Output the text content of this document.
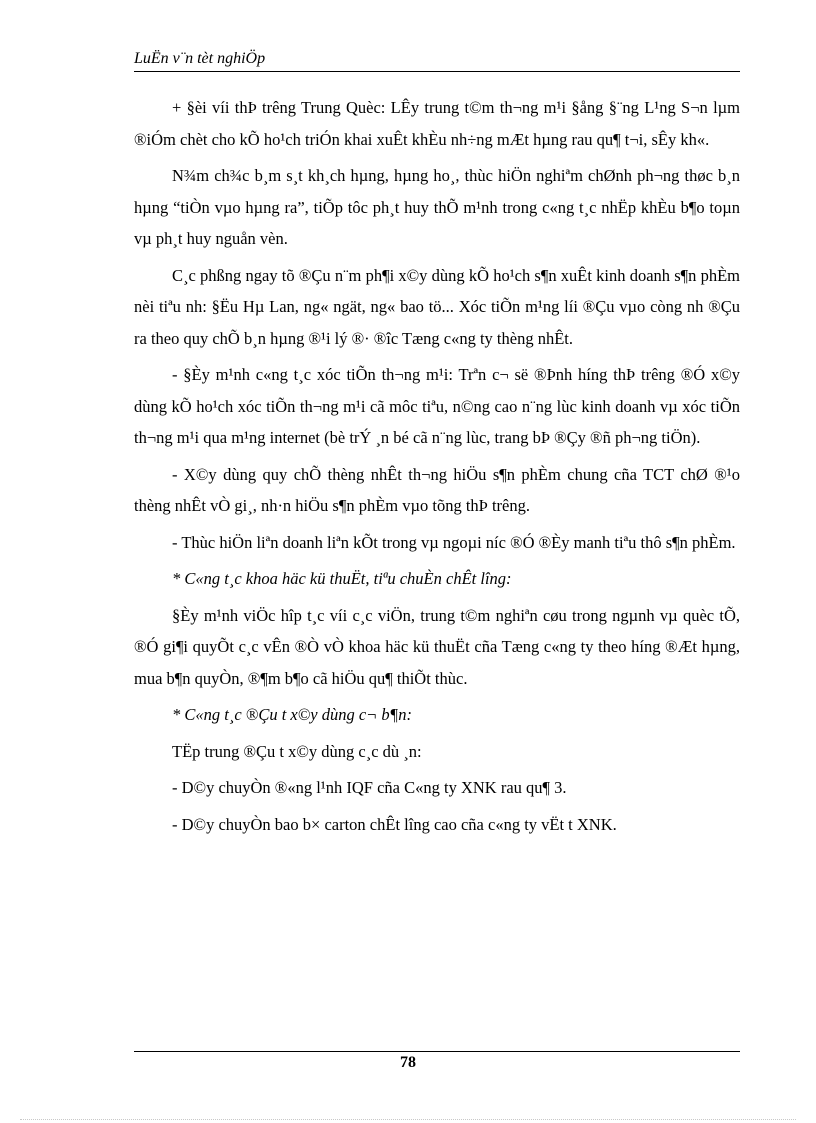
LuËn v¨n tèt nghiÖp

+ §èi víi thÞ trêng Trung Quèc: LÊy trung t©m th¬ng m¹i §ång §¨ng L¹ng S¬n lµm ®iÓm chèt cho kÕ ho¹ch triÓn khai xuÊt khÈu nh÷ng mÆt hµng rau qu¶ t¬i, sÊy kh«.

N¾m ch¾c b¸m s¸t kh¸ch hµng, hµng ho¸, thùc hiÖn nghiªm chØnh ph¬ng thøc b¸n hµng “tiÒn vµo hµng ra”, tiÕp tôc ph¸t huy thÕ m¹nh trong c«ng t¸c nhËp khÈu b¶o toµn vµ ph¸t huy nguån vèn.

C¸c phßng ngay tõ ®Çu n¨m ph¶i x©y dùng kÕ ho¹ch s¶n xuÊt kinh doanh s¶n phÈm nèi tiªu nh: §Ëu Hµ Lan, ng« ngät, ng« bao tö... Xóc tiÕn m¹ng líi ®Çu vµo còng nh ®Çu ra theo quy chÕ b¸n hµng ®¹i lý ®· ®îc Tæng c«ng ty thèng nhÊt.

- §Èy m¹nh c«ng t¸c xóc tiÕn th¬ng m¹i: Trªn c¬ së ®Þnh híng thÞ trêng ®Ó x©y dùng kÕ ho¹ch xóc tiÕn th¬ng m¹i cã môc tiªu, n©ng cao n¨ng lùc kinh doanh vµ xóc tiÕn th¬ng m¹i qua m¹ng internet (bè trÝ ¸n bé cã n¨ng lùc, trang bÞ ®Çy ®ñ ph¬ng tiÖn).

- X©y dùng quy chÕ thèng nhÊt th¬ng hiÖu s¶n phÈm chung cña TCT chØ ®¹o thèng nhÊt vÒ gi¸, nh·n hiÖu s¶n phÈm vµo tõng thÞ trêng.

- Thùc hiÖn liªn doanh liªn kÕt trong vµ ngoµi níc ®Ó ®Èy manh tiªu thô s¶n phÈm.

* C«ng t¸c khoa häc kü thuËt, tiªu chuÈn chÊt lîng:

§Èy m¹nh viÖc hîp t¸c víi c¸c viÖn, trung t©m nghiªn cøu trong ngµnh vµ quèc tÕ, ®Ó gi¶i quyÕt c¸c vÊn ®Ò vÒ khoa häc kü thuËt cña Tæng c«ng ty theo híng ®Æt hµng, mua b¶n quyÒn, ®¶m b¶o cã hiÖu qu¶ thiÕt thùc.

* C«ng t¸c ®Çu t x©y dùng c¬ b¶n:

TËp trung ®Çu t x©y dùng c¸c dù ¸n:

- D©y chuyÒn ®«ng l¹nh IQF cña C«ng ty XNK rau qu¶ 3.

- D©y chuyÒn bao b× carton chÊt lîng cao cña c«ng ty vËt t XNK.

78
